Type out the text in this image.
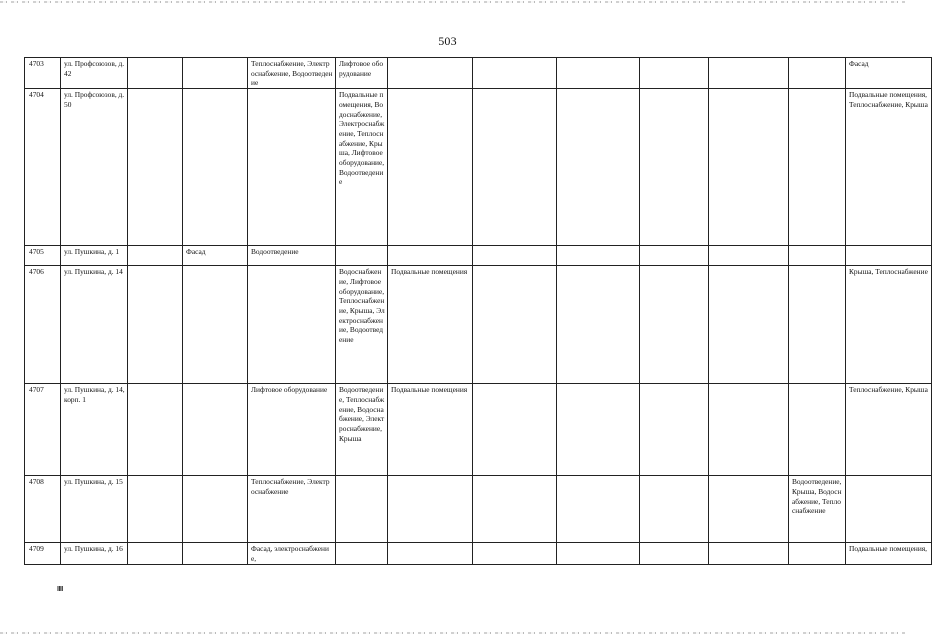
503
4703	ул. Профсоюзов, д. 42			Теплоснабжение, Электроснабжение, Водоотведение	Лифтовое оборудование							Фасад
4704	ул. Профсоюзов, д. 50				Подвальные помещения, Водоснабжение, Электроснабжение, Теплоснабжение, Крыша, Лифтовое оборудование, Водоотведение							Подвальные помещения, Теплоснабжение, Крыша
4705	ул. Пушкина, д. 1		Фасад	Водоотведение								
4706	ул. Пушкина, д. 14				Водоснабжение, Лифтовое оборудование, Теплоснабжение, Крыша, Электроснабжение, Водоотведение	Подвальные помещения						Крыша, Теплоснабжение
4707	ул. Пушкина, д. 14, корп. 1			Лифтовое оборудование	Водоотведение, Теплоснабжение, Водоснабжение, Электроснабжение, Крыша	Подвальные помещения						Теплоснабжение, Крыша
4708	ул. Пушкина, д. 15			Теплоснабжение, Электроснабжение							Водоотведение, Крыша, Водоснабжение, Теплоснабжение	
4709	ул. Пушкина, д. 16			Фасад, электроснабжение,								Подвальные помещения,
ІІІІ
